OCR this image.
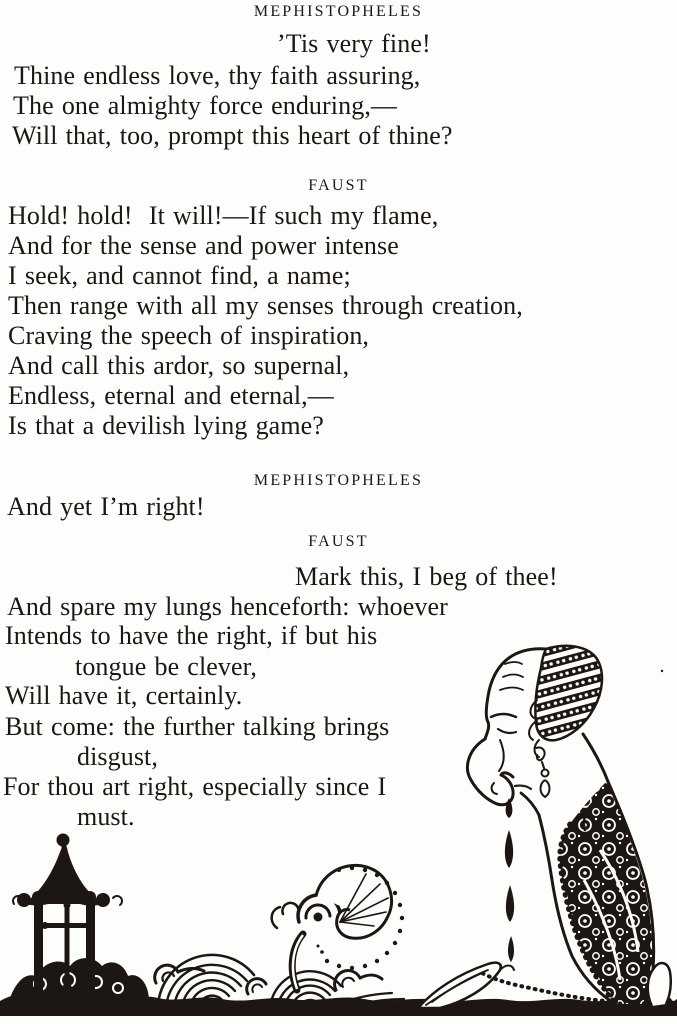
MEPHISTOPHELES
’Tis very fine!
Thine endless love, thy faith assuring,
The one almighty force enduring,—
Will that, too, prompt this heart of thine?
FAUST
Hold! hold!  It will!—If such my flame,
And for the sense and power intense
I seek, and cannot find, a name;
Then range with all my senses through creation,
Craving the speech of inspiration,
And call this ardor, so supernal,
Endless, eternal and eternal,—
Is that a devilish lying game?
MEPHISTOPHELES
And yet I’m right!
FAUST
Mark this, I beg of thee!
And spare my lungs henceforth: whoever
Intends to have the right, if but his
tongue be clever,
Will have it, certainly.
But come: the further talking brings
disgust,
For thou art right, especially since I
must.
